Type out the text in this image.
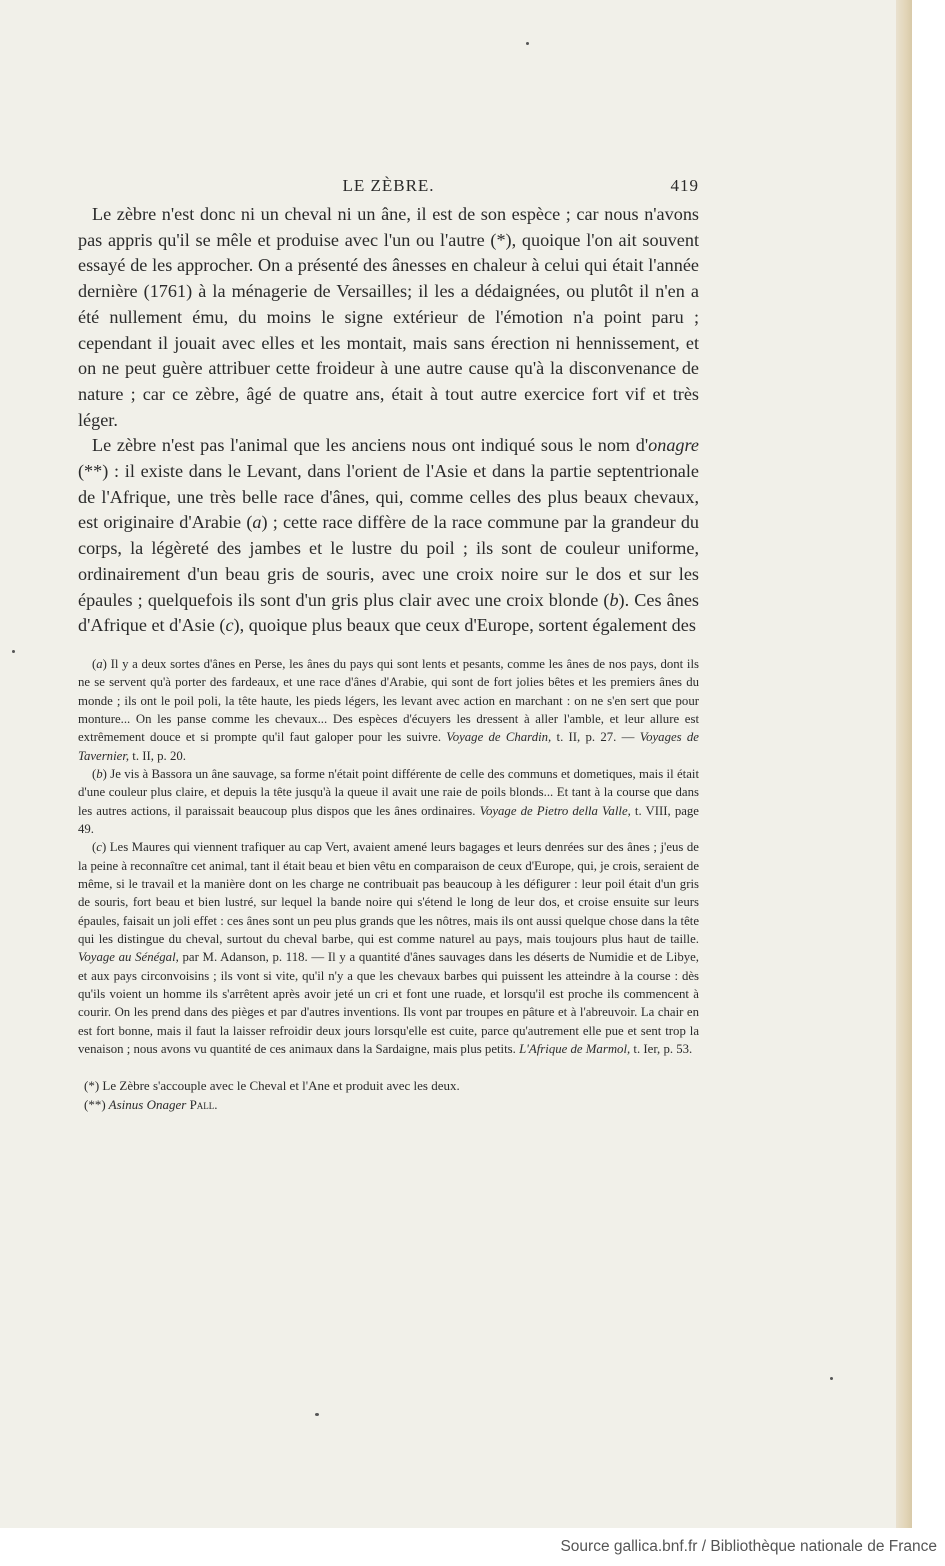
LE ZÈBRE.	419

Le zèbre n'est donc ni un cheval ni un âne, il est de son espèce ; car nous n'avons pas appris qu'il se mêle et produise avec l'un ou l'autre (*), quoique l'on ait souvent essayé de les approcher. On a présenté des ânesses en chaleur à celui qui était l'année dernière (1761) à la ménagerie de Versailles; il les a dédaignées, ou plutôt il n'en a été nullement ému, du moins le signe extérieur de l'émotion n'a point paru ; cependant il jouait avec elles et les montait, mais sans érection ni hennissement, et on ne peut guère attribuer cette froideur à une autre cause qu'à la disconvenance de nature ; car ce zèbre, âgé de quatre ans, était à tout autre exercice fort vif et très léger.

Le zèbre n'est pas l'animal que les anciens nous ont indiqué sous le nom d'onagre (**) : il existe dans le Levant, dans l'orient de l'Asie et dans la partie septentrionale de l'Afrique, une très belle race d'ânes, qui, comme celles des plus beaux chevaux, est originaire d'Arabie (a) ; cette race diffère de la race commune par la grandeur du corps, la légèreté des jambes et le lustre du poil ; ils sont de couleur uniforme, ordinairement d'un beau gris de souris, avec une croix noire sur le dos et sur les épaules ; quelquefois ils sont d'un gris plus clair avec une croix blonde (b). Ces ânes d'Afrique et d'Asie (c), quoique plus beaux que ceux d'Europe, sortent également des

(a) Il y a deux sortes d'ânes en Perse, les ânes du pays qui sont lents et pesants, comme les ânes de nos pays, dont ils ne se servent qu'à porter des fardeaux, et une race d'ânes d'Arabie, qui sont de fort jolies bêtes et les premiers ânes du monde ; ils ont le poil poli, la tête haute, les pieds légers, les levant avec action en marchant : on ne s'en sert que pour monture... On les panse comme les chevaux... Des espèces d'écuyers les dressent à aller l'amble, et leur allure est extrêmement douce et si prompte qu'il faut galoper pour les suivre. Voyage de Chardin, t. II, p. 27. — Voyages de Tavernier, t. II, p. 20.

(b) Je vis à Bassora un âne sauvage, sa forme n'était point différente de celle des communs et dometiques, mais il était d'une couleur plus claire, et depuis la tête jusqu'à la queue il avait une raie de poils blonds... Et tant à la course que dans les autres actions, il paraissait beaucoup plus dispos que les ânes ordinaires. Voyage de Pietro della Valle, t. VIII, page 49.

(c) Les Maures qui viennent trafiquer au cap Vert, avaient amené leurs bagages et leurs denrées sur des ânes ; j'eus de la peine à reconnaître cet animal, tant il était beau et bien vêtu en comparaison de ceux d'Europe, qui, je crois, seraient de même, si le travail et la manière dont on les charge ne contribuait pas beaucoup à les défigurer : leur poil était d'un gris de souris, fort beau et bien lustré, sur lequel la bande noire qui s'étend le long de leur dos, et croise ensuite sur leurs épaules, faisait un joli effet : ces ânes sont un peu plus grands que les nôtres, mais ils ont aussi quelque chose dans la tête qui les distingue du cheval, surtout du cheval barbe, qui est comme naturel au pays, mais toujours plus haut de taille. Voyage au Sénégal, par M. Adanson, p. 118. — Il y a quantité d'ânes sauvages dans les déserts de Numidie et de Libye, et aux pays circonvoisins ; ils vont si vite, qu'il n'y a que les chevaux barbes qui puissent les atteindre à la course : dès qu'ils voient un homme ils s'arrêtent après avoir jeté un cri et font une ruade, et lorsqu'il est proche ils commencent à courir. On les prend dans des pièges et par d'autres inventions. Ils vont par troupes en pâture et à l'abreuvoir. La chair en est fort bonne, mais il faut la laisser refroidir deux jours lorsqu'elle est cuite, parce qu'autrement elle pue et sent trop la venaison ; nous avons vu quantité de ces animaux dans la Sardaigne, mais plus petits. L'Afrique de Marmol, t. Ier, p. 53.

(*) Le Zèbre s'accouple avec le Cheval et l'Ane et produit avec les deux.

(**) Asinus Onager Pall.

Source gallica.bnf.fr / Bibliothèque nationale de France
